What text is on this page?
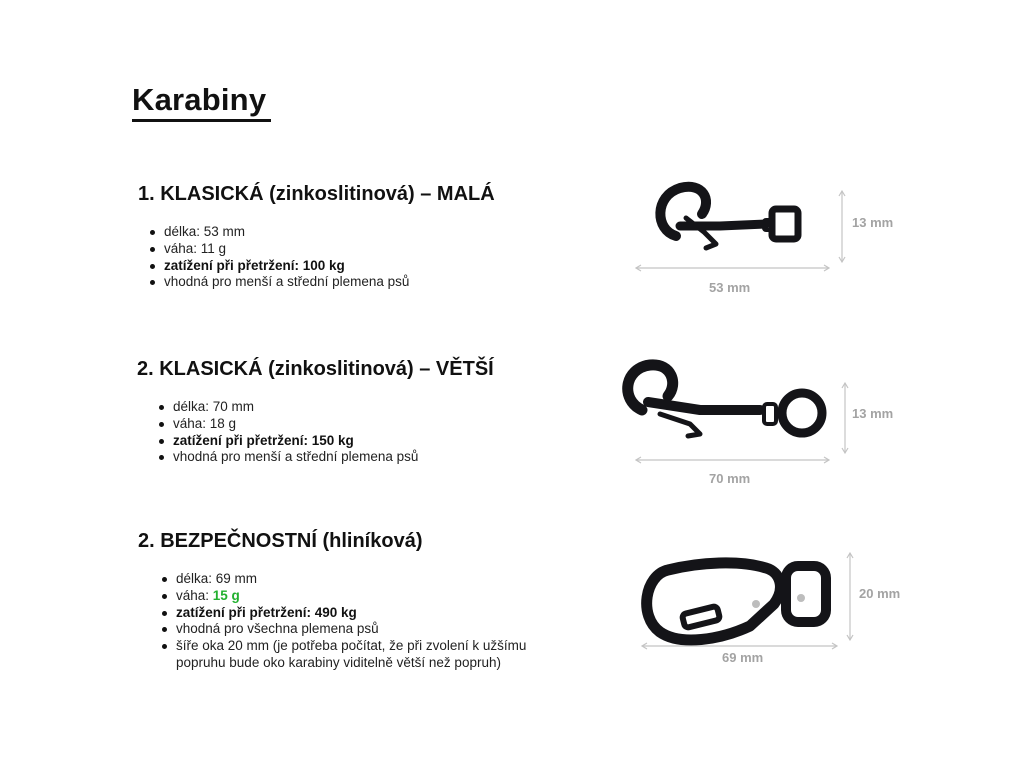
Karabiny
1. KLASICKÁ (zinkoslitinová) – MALÁ
délka: 53 mm
váha: 11 g
zatížení při přetržení: 100 kg
vhodná pro menší a střední plemena psů
2. KLASICKÁ (zinkoslitinová) – VĚTŠÍ
délka: 70 mm
váha: 18 g
zatížení při přetržení: 150 kg
vhodná pro menší a střední plemena psů
2. BEZPEČNOSTNÍ (hliníková)
délka: 69 mm
váha: 15 g
zatížení při přetržení: 490 kg
vhodná pro všechna plemena psů
šíře oka 20 mm (je potřeba počítat, že při zvolení k užšímu
popruhu bude oko karabiny viditelně větší než popruh)
53 mm
13 mm
70 mm
13 mm
69 mm
20 mm
